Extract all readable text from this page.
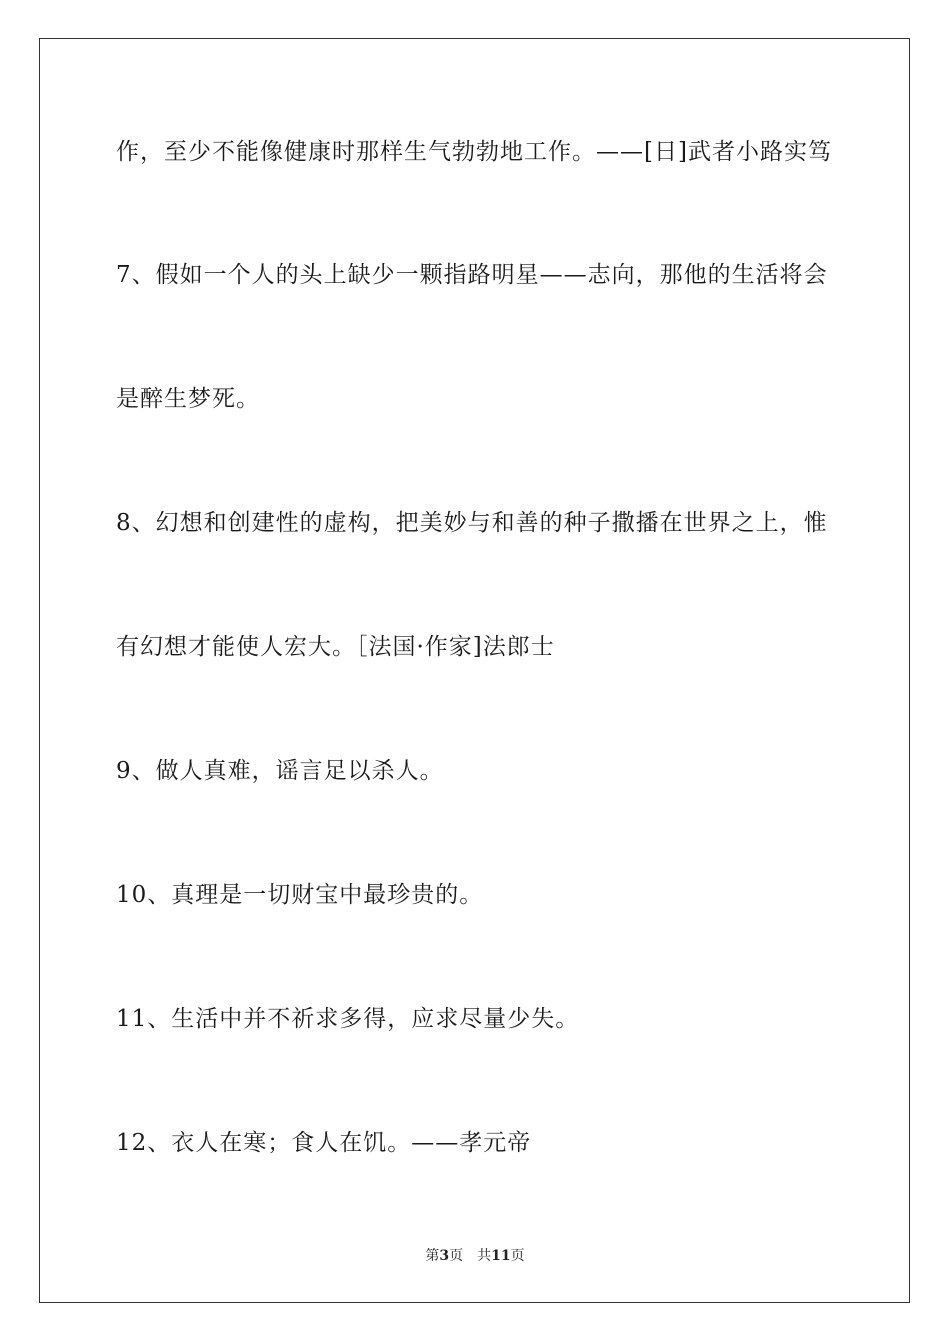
作，至少不能像健康时那样生气勃勃地工作。——[日]武者小路实笃
7、假如一个人的头上缺少一颗指路明星——志向，那他的生活将会
是醉生梦死。
8、幻想和创建性的虚构，把美妙与和善的种子撒播在世界之上，惟
有幻想才能使人宏大。［法国·作家]法郎士
9、做人真难，谣言足以杀人。
10、真理是一切财宝中最珍贵的。
11、生活中并不祈求多得，应求尽量少失。
12、衣人在寒；食人在饥。——孝元帝
第3页 共11页
